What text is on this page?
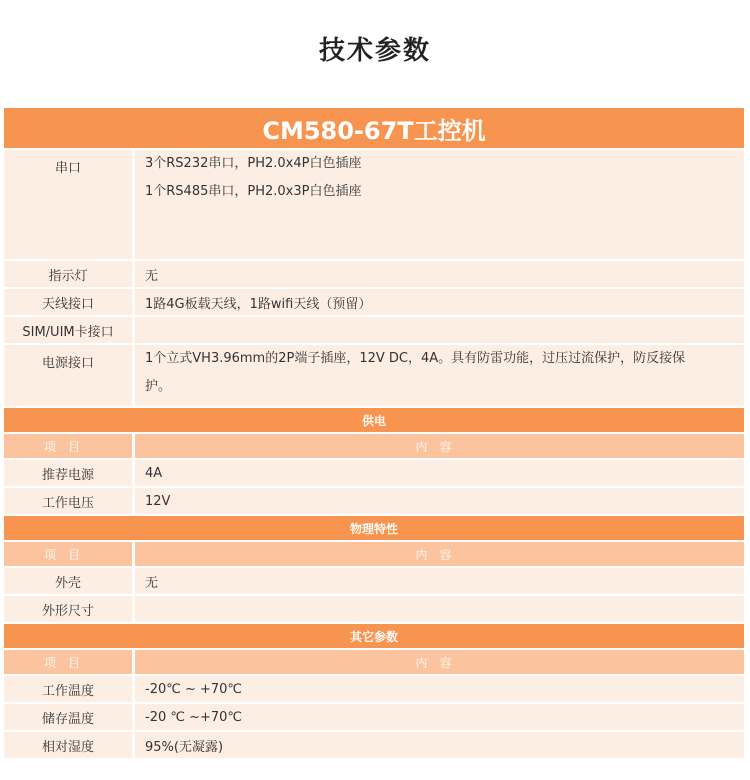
技术参数
CM580-67T工控机	
串口	3个RS232串口，PH2.0x4P白色插座
1个RS485串口，PH2.0x3P白色插座

指示灯	无
天线接口	1路4G板载天线，1路wifi天线（预留）
SIM/UIM卡接口	
电源接口	1个立式VH3.96mm的2P端子插座，12V DC，4A。具有防雷功能，过压过流保护，防反接保
护。

供电	
项目	内容
推荐电源	4A
工作电压	12V
物理特性	
项目	内容
外壳	无
外形尺寸	
其它参数	
项目	内容
工作温度	-20℃ ~ +70℃
储存温度	-20 ℃ ~+70℃
相对湿度	95%(无凝露)
